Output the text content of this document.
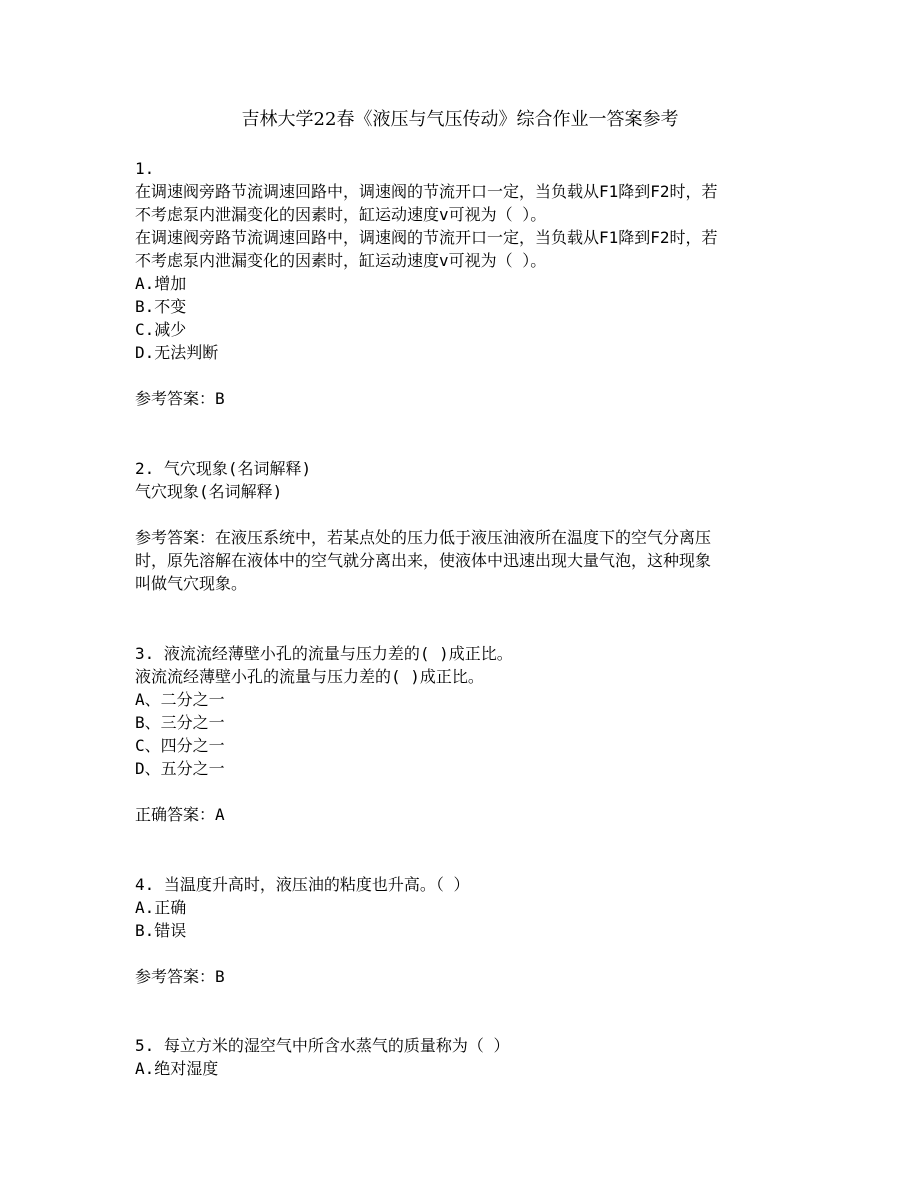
吉林大学22春《液压与气压传动》综合作业一答案参考
1.
在调速阀旁路节流调速回路中，调速阀的节流开口一定，当负载从F1降到F2时，若
不考虑泵内泄漏变化的因素时，缸运动速度v可视为（ ）。
在调速阀旁路节流调速回路中，调速阀的节流开口一定，当负载从F1降到F2时，若
不考虑泵内泄漏变化的因素时，缸运动速度v可视为（ ）。
A.增加
B.不变
C.减少
D.无法判断
参考答案：B
2. 气穴现象(名词解释)
气穴现象(名词解释)
参考答案：在液压系统中，若某点处的压力低于液压油液所在温度下的空气分离压
时，原先溶解在液体中的空气就分离出来，使液体中迅速出现大量气泡，这种现象
叫做气穴现象。
3. 液流流经薄壁小孔的流量与压力差的( )成正比。
液流流经薄壁小孔的流量与压力差的( )成正比。
A、二分之一
B、三分之一
C、四分之一
D、五分之一
正确答案：A
4. 当温度升高时，液压油的粘度也升高。（ ）
A.正确
B.错误
参考答案：B
5. 每立方米的湿空气中所含水蒸气的质量称为（ ）
A.绝对湿度
